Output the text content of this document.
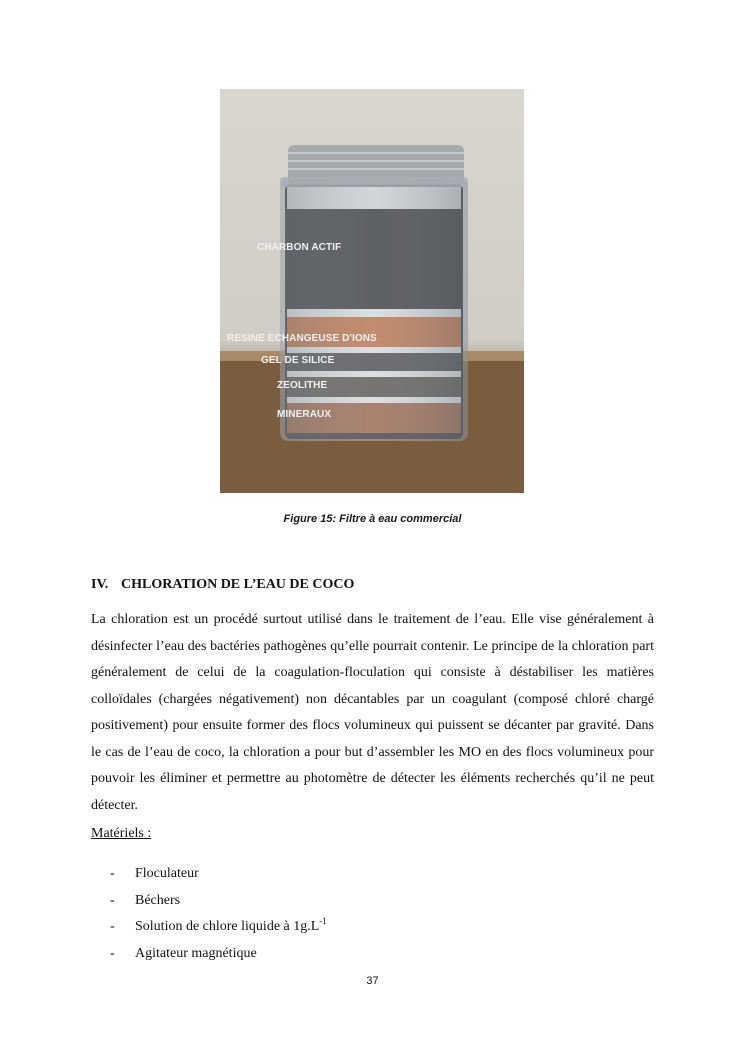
CHARBON ACTIF
RESINE ECHANGEUSE D'IONS
GEL DE SILICE
ZEOLITHE
MINERAUX
Figure 15: Filtre à eau commercial
IV. CHLORATION DE L’EAU DE COCO

La chloration est un procédé surtout utilisé dans le traitement de l’eau. Elle vise généralement à désinfecter l’eau des bactéries pathogènes qu’elle pourrait contenir. Le principe de la chloration part généralement de celui de la coagulation-floculation qui consiste à déstabiliser les matières colloïdales (chargées négativement) non décantables par un coagulant (composé chloré chargé positivement) pour ensuite former des flocs volumineux qui puissent se décanter par gravité. Dans le cas de l’eau de coco, la chloration a pour but d’assembler les MO en des flocs volumineux pour pouvoir les éliminer et permettre au photomètre de détecter les éléments recherchés qu’il ne peut détecter.

Matériels :
-	Floculateur
-	Béchers
-	Solution de chlore liquide à $1g.L^{-1}$
-	Agitateur magnétique
37
